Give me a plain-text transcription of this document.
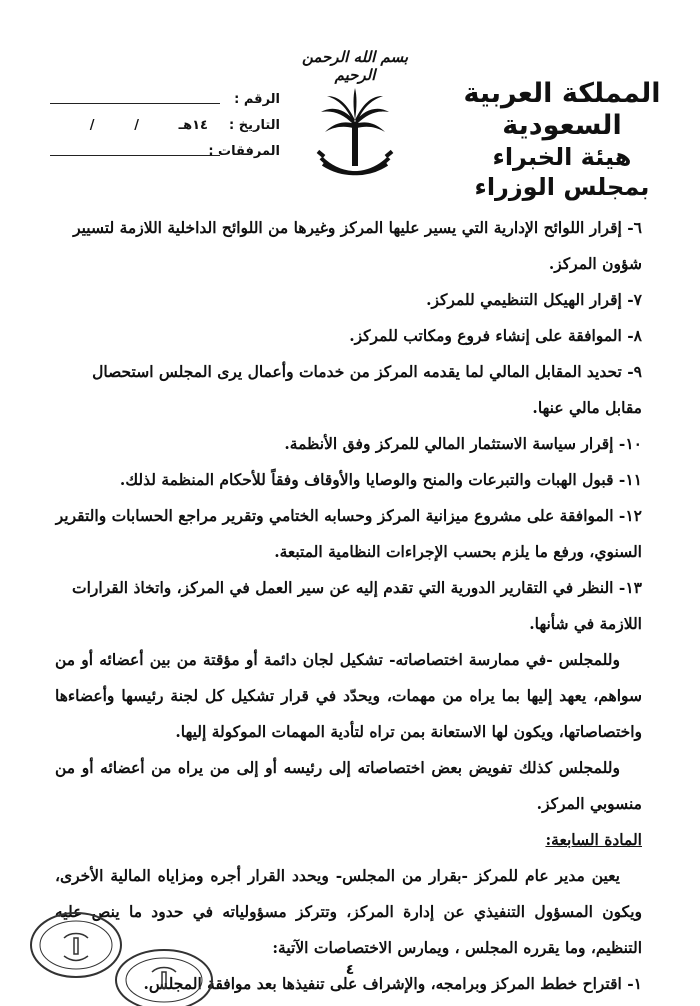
المملكة العربية السعودية
هيئة الخبراء بمجلس الوزراء
بسم الله الرحمن الرحيم
الرقم :
التاريخ :
١٤هـ
/
/
المرفقات :

٦- إقرار اللوائح الإدارية التي يسير عليها المركز وغيرها من اللوائح الداخلية اللازمة لتسيير

شؤون المركز.

٧- إقرار الهيكل التنظيمي للمركز.

٨- الموافقة على إنشاء فروع ومكاتب للمركز.

٩- تحديد المقابل المالي لما يقدمه المركز من خدمات وأعمال يرى المجلس استحصال

مقابل مالي عنها.

١٠- إقرار سياسة الاستثمار المالي للمركز وفق الأنظمة.

١١- قبول الهبات والتبرعات والمنح والوصايا والأوقاف وفقاً للأحكام المنظمة لذلك.

١٢- الموافقة على مشروع ميزانية المركز وحسابه الختامي وتقرير مراجع الحسابات والتقرير

السنوي، ورفع ما يلزم بحسب الإجراءات النظامية المتبعة.

١٣- النظر في التقارير الدورية التي تقدم إليه عن سير العمل في المركز، واتخاذ القرارات

اللازمة في شأنها.

وللمجلس -في ممارسة اختصاصاته- تشكيل لجان دائمة أو مؤقتة من بين أعضائه أو من سواهم، يعهد إليها بما يراه من مهمات، ويحدّد في قرار تشكيل كل لجنة رئيسها وأعضاءها واختصاصاتها، ويكون لها الاستعانة بمن تراه لتأدية المهمات الموكولة إليها.

وللمجلس كذلك تفويض بعض اختصاصاته إلى رئيسه أو إلى من يراه من أعضائه أو من منسوبي المركز.

المادة السابعة:

يعين مدير عام للمركز -بقرار من المجلس- ويحدد القرار أجره ومزاياه المالية الأخرى، ويكون المسؤول التنفيذي عن إدارة المركز، وتتركز مسؤولياته في حدود ما ينص عليه التنظيم، وما يقرره المجلس ، ويمارس الاختصاصات الآتية:

١- اقتراح خطط المركز وبرامجه، والإشراف على تنفيذها بعد موافقة المجلس.

٤
